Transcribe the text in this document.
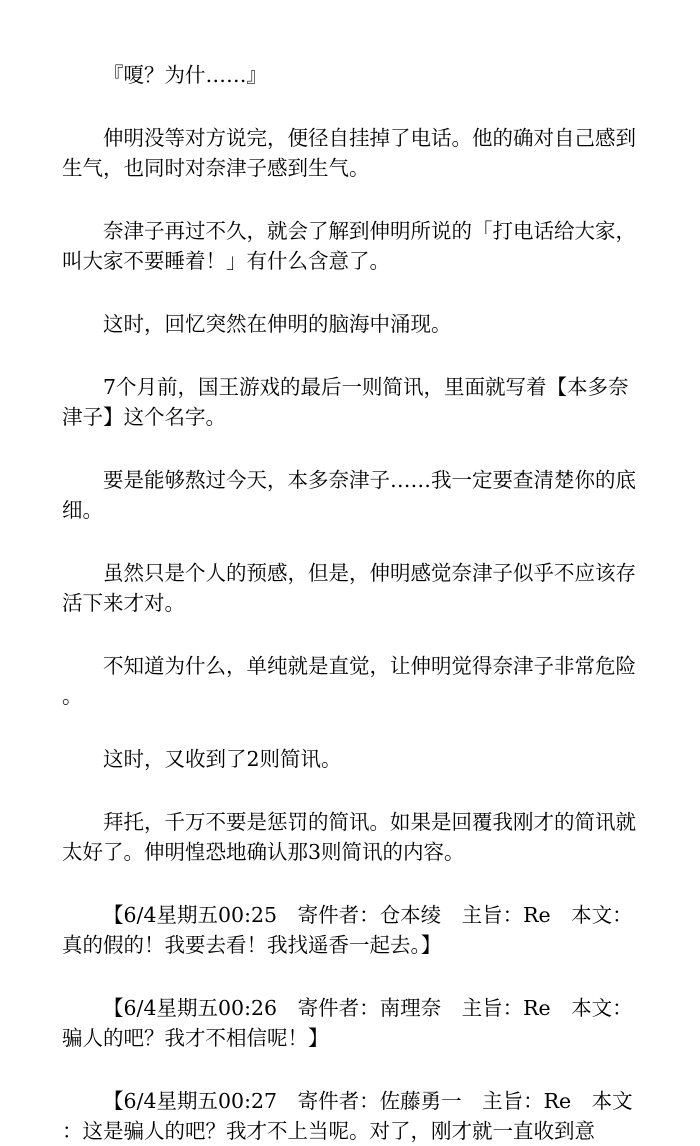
『嗄？为什……』

伸明没等对方说完，便径自挂掉了电话。他的确对自己感到生气，也同时对奈津子感到生气。

奈津子再过不久，就会了解到伸明所说的「打电话给大家，叫大家不要睡着！」有什么含意了。

这时，回忆突然在伸明的脑海中涌现。

7个月前，国王游戏的最后一则简讯，里面就写着【本多奈津子】这个名字。

要是能够熬过今天，本多奈津子……我一定要查清楚你的底细。

虽然只是个人的预感，但是，伸明感觉奈津子似乎不应该存活下来才对。

不知道为什么，单纯就是直觉，让伸明觉得奈津子非常危险。

这时，又收到了2则简讯。

拜托，千万不要是惩罚的简讯。如果是回覆我刚才的简讯就太好了。伸明惶恐地确认那3则简讯的内容。

【6/4星期五00:25　寄件者：仓本绫　主旨：Re　本文：真的假的！我要去看！我找遥香一起去。】

【6/4星期五00:26　寄件者：南理奈　主旨：Re　本文：骗人的吧？我才不相信呢！】

【6/4星期五00:27　寄件者：佐藤勇一　主旨：Re　本文：这是骗人的吧？我才不上当呢。对了，刚才就一直收到意
